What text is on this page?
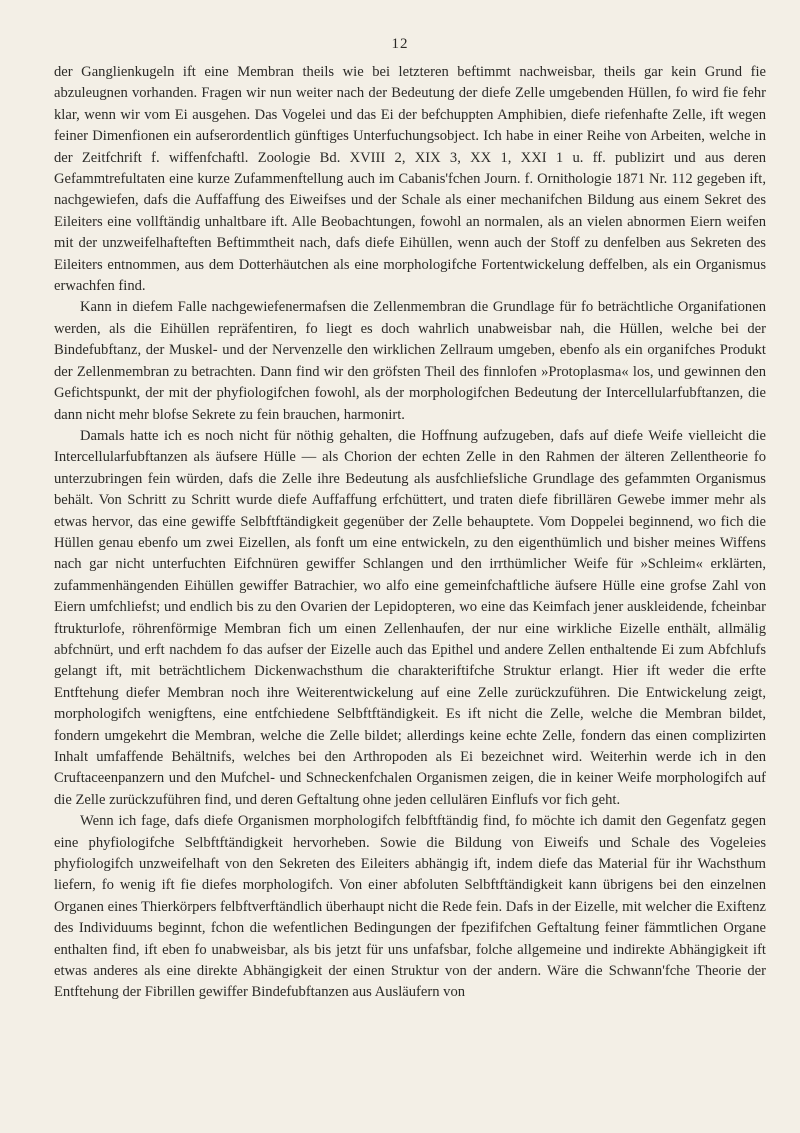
12

der Ganglienkugeln ift eine Membran theils wie bei letzteren beftimmt nachweisbar, theils gar kein Grund fie abzuleugnen vorhanden. Fragen wir nun weiter nach der Bedeutung der diefe Zelle umgebenden Hüllen, fo wird fie fehr klar, wenn wir vom Ei ausgehen. Das Vogelei und das Ei der befchuppten Amphibien, diefe riefenhafte Zelle, ift wegen feiner Dimenfionen ein aufserordentlich günftiges Unterfuchungsobject. Ich habe in einer Reihe von Arbeiten, welche in der Zeitfchrift f. wiffenfchaftl. Zoologie Bd. XVIII 2, XIX 3, XX 1, XXI 1 u. ff. publizirt und aus deren Gefammtrefultaten eine kurze Zufammenftellung auch im Cabanis'fchen Journ. f. Ornithologie 1871 Nr. 112 gegeben ift, nachgewiefen, dafs die Auffaffung des Eiweifses und der Schale als einer mechanifchen Bildung aus einem Sekret des Eileiters eine vollftändig unhaltbare ift. Alle Beobachtungen, fowohl an normalen, als an vielen abnormen Eiern weifen mit der unzweifelhafteften Beftimmtheit nach, dafs diefe Eihüllen, wenn auch der Stoff zu denfelben aus Sekreten des Eileiters entnommen, aus dem Dotterhäutchen als eine morphologifche Fortentwickelung deffelben, als ein Organismus erwachfen find.

Kann in diefem Falle nachgewiefenermafsen die Zellenmembran die Grundlage für fo beträchtliche Organifationen werden, als die Eihüllen repräfentiren, fo liegt es doch wahrlich unabweisbar nah, die Hüllen, welche bei der Bindefubftanz, der Muskel- und der Nervenzelle den wirklichen Zellraum umgeben, ebenfo als ein organifches Produkt der Zellenmembran zu betrachten. Dann find wir den gröfsten Theil des finnlofen »Protoplasma« los, und gewinnen den Gefichtspunkt, der mit der phyfiologifchen fowohl, als der morphologifchen Bedeutung der Intercellularfubftanzen, die dann nicht mehr blofse Sekrete zu fein brauchen, harmonirt.

Damals hatte ich es noch nicht für nöthig gehalten, die Hoffnung aufzugeben, dafs auf diefe Weife vielleicht die Intercellularfubftanzen als äufsere Hülle — als Chorion der echten Zelle in den Rahmen der älteren Zellentheorie fo unterzubringen fein würden, dafs die Zelle ihre Bedeutung als ausfchliefsliche Grundlage des gefammten Organismus behält. Von Schritt zu Schritt wurde diefe Auffaffung erfchüttert, und traten diefe fibrillären Gewebe immer mehr als etwas hervor, das eine gewiffe Selbftftändigkeit gegenüber der Zelle behauptete. Vom Doppelei beginnend, wo fich die Hüllen genau ebenfo um zwei Eizellen, als fonft um eine entwickeln, zu den eigenthümlich und bisher meines Wiffens nach gar nicht unterfuchten Eifchnüren gewiffer Schlangen und den irrthümlicher Weife für »Schleim« erklärten, zufammenhängenden Eihüllen gewiffer Batrachier, wo alfo eine gemeinfchaftliche äufsere Hülle eine grofse Zahl von Eiern umfchliefst; und endlich bis zu den Ovarien der Lepidopteren, wo eine das Keimfach jener auskleidende, fcheinbar ftrukturlofe, röhrenförmige Membran fich um einen Zellenhaufen, der nur eine wirkliche Eizelle enthält, allmälig abfchnürt, und erft nachdem fo das aufser der Eizelle auch das Epithel und andere Zellen enthaltende Ei zum Abfchlufs gelangt ift, mit beträchtlichem Dickenwachsthum die charakteriftifche Struktur erlangt. Hier ift weder die erfte Entftehung diefer Membran noch ihre Weiterentwickelung auf eine Zelle zurückzuführen. Die Entwickelung zeigt, morphologifch wenigftens, eine entfchiedene Selbftftändigkeit. Es ift nicht die Zelle, welche die Membran bildet, fondern umgekehrt die Membran, welche die Zelle bildet; allerdings keine echte Zelle, fondern das einen complizirten Inhalt umfaffende Behältnifs, welches bei den Arthropoden als Ei bezeichnet wird. Weiterhin werde ich in den Cruftaceenpanzern und den Mufchel- und Schneckenfchalen Organismen zeigen, die in keiner Weife morphologifch auf die Zelle zurückzuführen find, und deren Geftaltung ohne jeden cellulären Einflufs vor fich geht.

Wenn ich fage, dafs diefe Organismen morphologifch felbftftändig find, fo möchte ich damit den Gegenfatz gegen eine phyfiologifche Selbftftändigkeit hervorheben. Sowie die Bildung von Eiweifs und Schale des Vogeleies phyfiologifch unzweifelhaft von den Sekreten des Eileiters abhängig ift, indem diefe das Material für ihr Wachsthum liefern, fo wenig ift fie diefes morphologifch. Von einer abfoluten Selbftftändigkeit kann übrigens bei den einzelnen Organen eines Thierkörpers felbftverftändlich überhaupt nicht die Rede fein. Dafs in der Eizelle, mit welcher die Exiftenz des Individuums beginnt, fchon die wefentlichen Bedingungen der fpezififchen Geftaltung feiner fämmtlichen Organe enthalten find, ift eben fo unabweisbar, als bis jetzt für uns unfafsbar, folche allgemeine und indirekte Abhängigkeit ift etwas anderes als eine direkte Abhängigkeit der einen Struktur von der andern. Wäre die Schwann'fche Theorie der Entftehung der Fibrillen gewiffer Bindefubftanzen aus Ausläufern von
